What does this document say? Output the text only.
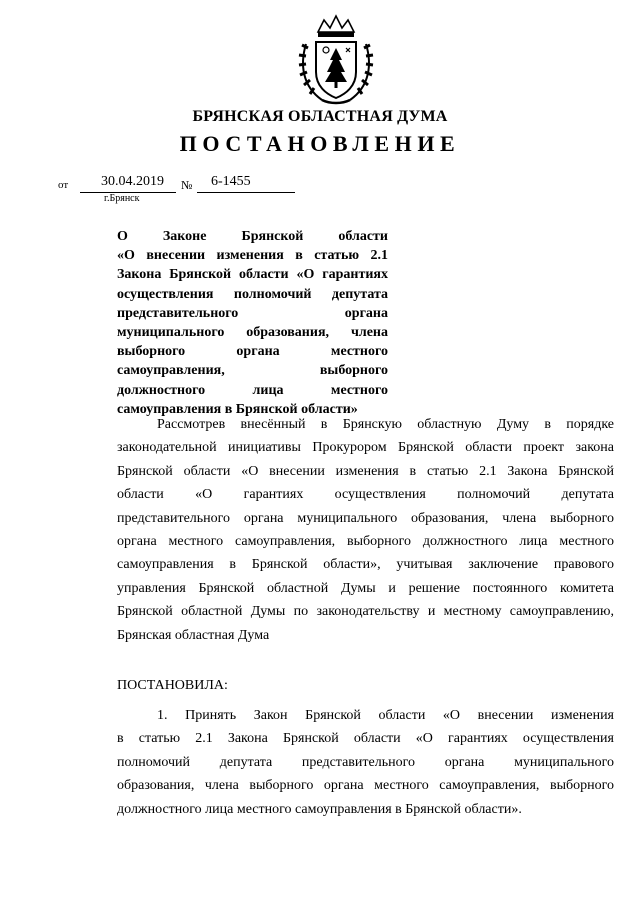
БРЯНСКАЯ ОБЛАСТНАЯ ДУМА
ПОСТАНОВЛЕНИЕ
от 30.04.2019 № 6-1455
г.Брянск
О Законе Брянской области
«О внесении изменения в статью 2.1
Закона Брянской области «О гарантиях
осуществления полномочий депутата
представительного органа
муниципального образования, члена
выборного органа местного
самоуправления, выборного
должностного лица местного
самоуправления в Брянской области»
Рассмотрев внесённый в Брянскую областную Думу в порядке
законодательной инициативы Прокурором Брянской области проект закона
Брянской области «О внесении изменения в статью 2.1 Закона Брянской
области «О гарантиях осуществления полномочий депутата
представительного органа муниципального образования, члена выборного
органа местного самоуправления, выборного должностного лица местного
самоуправления в Брянской области», учитывая заключение правового
управления Брянской областной Думы и решение постоянного комитета
Брянской областной Думы по законодательству и местному самоуправлению,
Брянская областная Дума
ПОСТАНОВИЛА:
1. Принять Закон Брянской области «О внесении изменения
в статью 2.1 Закона Брянской области «О гарантиях осуществления
полномочий депутата представительного органа муниципального
образования, члена выборного органа местного самоуправления, выборного
должностного лица местного самоуправления в Брянской области».
